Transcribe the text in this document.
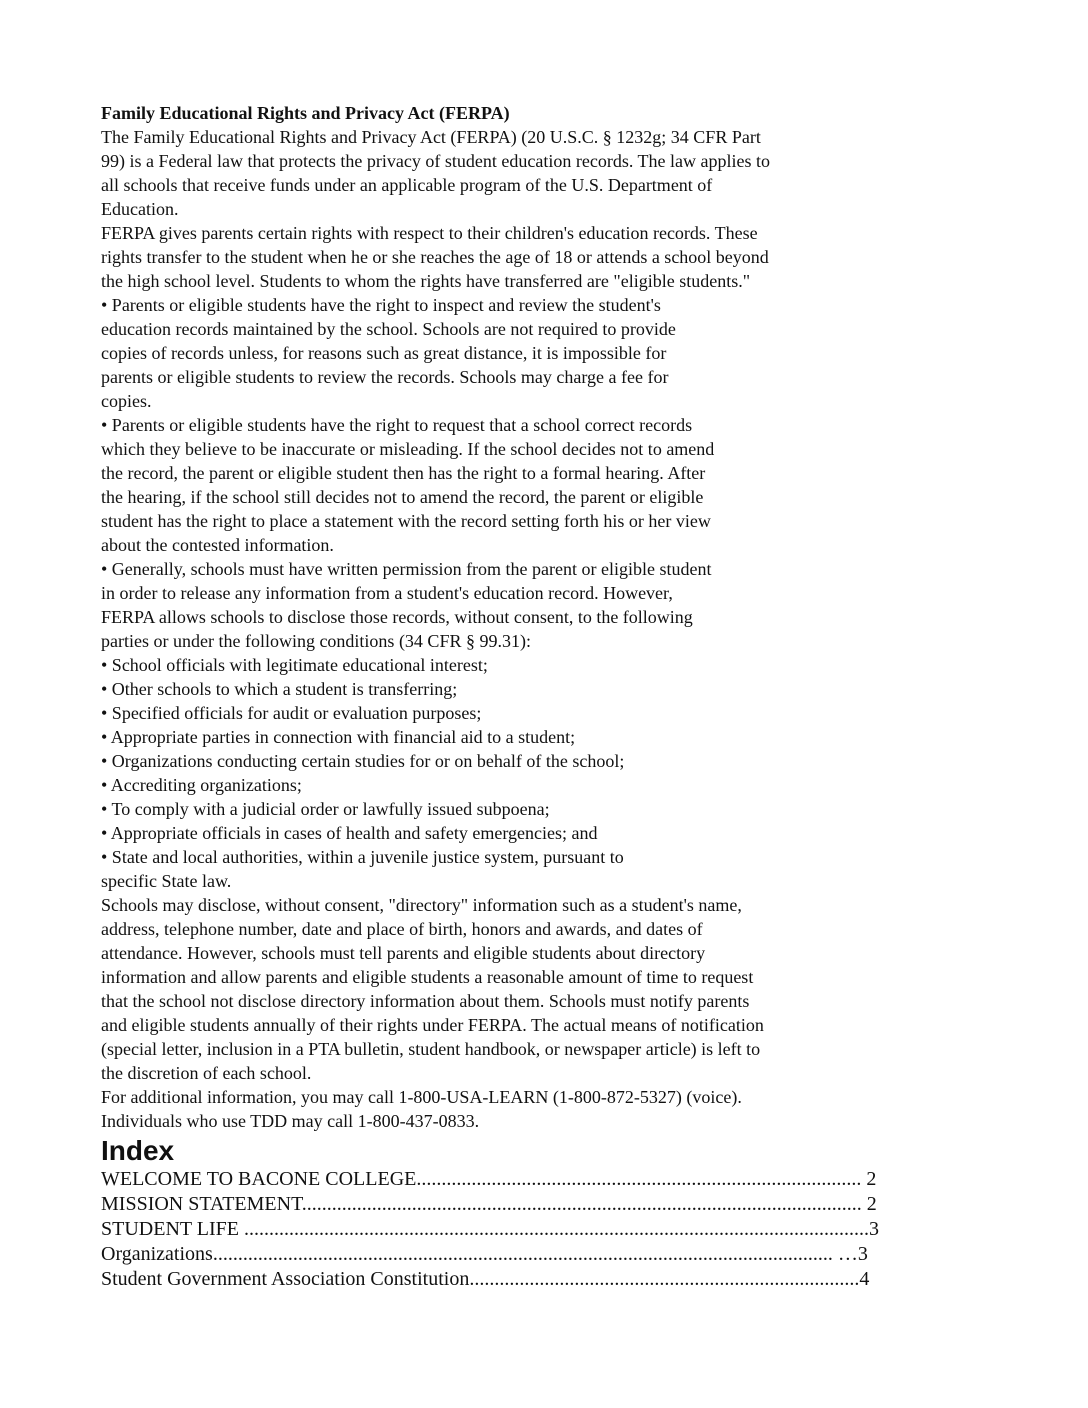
Family Educational Rights and Privacy Act (FERPA)
The Family Educational Rights and Privacy Act (FERPA) (20 U.S.C. § 1232g; 34 CFR Part
99) is a Federal law that protects the privacy of student education records. The law applies to
all schools that receive funds under an applicable program of the U.S. Department of
Education.
FERPA gives parents certain rights with respect to their children's education records. These
rights transfer to the student when he or she reaches the age of 18 or attends a school beyond
the high school level. Students to whom the rights have transferred are "eligible students."
• Parents or eligible students have the right to inspect and review the student's
education records maintained by the school. Schools are not required to provide
copies of records unless, for reasons such as great distance, it is impossible for
parents or eligible students to review the records. Schools may charge a fee for
copies.
• Parents or eligible students have the right to request that a school correct records
which they believe to be inaccurate or misleading. If the school decides not to amend
the record, the parent or eligible student then has the right to a formal hearing. After
the hearing, if the school still decides not to amend the record, the parent or eligible
student has the right to place a statement with the record setting forth his or her view
about the contested information.
• Generally, schools must have written permission from the parent or eligible student
in order to release any information from a student's education record. However,
FERPA allows schools to disclose those records, without consent, to the following
parties or under the following conditions (34 CFR § 99.31):
• School officials with legitimate educational interest;
• Other schools to which a student is transferring;
• Specified officials for audit or evaluation purposes;
• Appropriate parties in connection with financial aid to a student;
• Organizations conducting certain studies for or on behalf of the school;
• Accrediting organizations;
• To comply with a judicial order or lawfully issued subpoena;
• Appropriate officials in cases of health and safety emergencies; and
• State and local authorities, within a juvenile justice system, pursuant to
specific State law.
Schools may disclose, without consent, "directory" information such as a student's name,
address, telephone number, date and place of birth, honors and awards, and dates of
attendance. However, schools must tell parents and eligible students about directory
information and allow parents and eligible students a reasonable amount of time to request
that the school not disclose directory information about them. Schools must notify parents
and eligible students annually of their rights under FERPA. The actual means of notification
(special letter, inclusion in a PTA bulletin, student handbook, or newspaper article) is left to
the discretion of each school.
For additional information, you may call 1-800-USA-LEARN (1-800-872-5327) (voice).
Individuals who use TDD may call 1-800-437-0833.
Index
WELCOME TO BACONE COLLEGE......................................................................................... 2
MISSION STATEMENT................................................................................................................ 2
STUDENT LIFE .............................................................................................................................3
Organizations............................................................................................................................ …3
Student Government Association Constitution..............................................................................4
